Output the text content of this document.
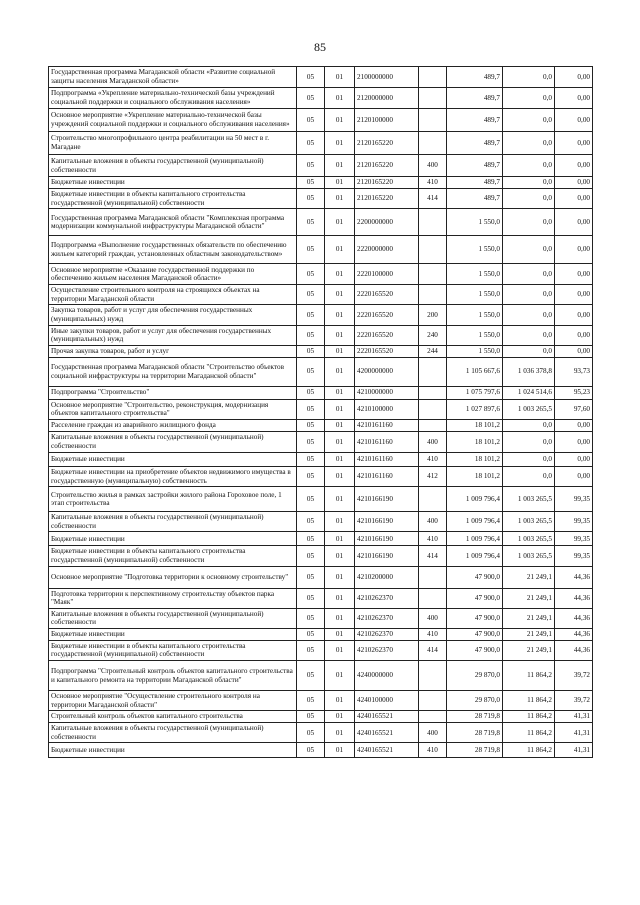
85
Государственная программа Магаданской области «Развитие социальной защиты населения Магаданской области»	05	01	2100000000		489,7	0,0	0,00
Подпрограмма «Укрепление материально-технической базы учреждений социальной поддержки и социального обслуживания населения»	05	01	2120000000		489,7	0,0	0,00
Основное мероприятие «Укрепление материально-технической базы учреждений социальной поддержки и социального обслуживания населения»	05	01	2120100000		489,7	0,0	0,00
Строительство многопрофильного центра реабилитации на 50 мест в г. Магадане	05	01	2120165220		489,7	0,0	0,00
Капитальные вложения в объекты государственной (муниципальной) собственности	05	01	2120165220	400	489,7	0,0	0,00
Бюджетные инвестиции	05	01	2120165220	410	489,7	0,0	0,00
Бюджетные инвестиции в объекты капитального строительства государственной (муниципальной) собственности	05	01	2120165220	414	489,7	0,0	0,00
Государственная программа Магаданской области "Комплексная программа модернизации коммунальной инфраструктуры Магаданской области"	05	01	2200000000		1 550,0	0,0	0,00
Подпрограмма «Выполнение государственных обязательств по обеспечению жильем категорий граждан, установленных областным законодательством»	05	01	2220000000		1 550,0	0,0	0,00
Основное мероприятие «Оказание государственной поддержки по обеспечению жильем населения Магаданской области»	05	01	2220100000		1 550,0	0,0	0,00
Осуществление строительного контроля на строящихся объектах на территории Магаданской области	05	01	2220165520		1 550,0	0,0	0,00
Закупка товаров, работ и услуг для обеспечения государственных (муниципальных) нужд	05	01	2220165520	200	1 550,0	0,0	0,00
Иные закупки товаров, работ и услуг для обеспечения государственных (муниципальных) нужд	05	01	2220165520	240	1 550,0	0,0	0,00
Прочая закупка товаров, работ и услуг	05	01	2220165520	244	1 550,0	0,0	0,00
Государственная программа Магаданской области "Строительство объектов социальной инфраструктуры на территории Магаданской области"	05	01	4200000000		1 105 667,6	1 036 378,8	93,73
Подпрограмма "Строительство"	05	01	4210000000		1 075 797,6	1 024 514,6	95,23
Основное мероприятие "Строительство, реконструкция, модернизация объектов капитального строительства"	05	01	4210100000		1 027 897,6	1 003 265,5	97,60
Расселение граждан из аварийного жилищного фонда	05	01	4210161160		18 101,2	0,0	0,00
Капитальные вложения в объекты государственной (муниципальной) собственности	05	01	4210161160	400	18 101,2	0,0	0,00
Бюджетные инвестиции	05	01	4210161160	410	18 101,2	0,0	0,00
Бюджетные инвестиции на приобретение объектов недвижимого имущества в государственную (муниципальную) собственность	05	01	4210161160	412	18 101,2	0,0	0,00
Строительство жилья в рамках застройки жилого района Гороховое поле, 1 этап строительства	05	01	4210166190		1 009 796,4	1 003 265,5	99,35
Капитальные вложения в объекты государственной (муниципальной) собственности	05	01	4210166190	400	1 009 796,4	1 003 265,5	99,35
Бюджетные инвестиции	05	01	4210166190	410	1 009 796,4	1 003 265,5	99,35
Бюджетные инвестиции в объекты капитального строительства государственной (муниципальной) собственности	05	01	4210166190	414	1 009 796,4	1 003 265,5	99,35
Основное мероприятие "Подготовка территории к основному строительству"	05	01	4210200000		47 900,0	21 249,1	44,36
Подготовка территории к перспективному строительству объектов парка "Маяк"	05	01	4210262370		47 900,0	21 249,1	44,36
Капитальные вложения в объекты государственной (муниципальной) собственности	05	01	4210262370	400	47 900,0	21 249,1	44,36
Бюджетные инвестиции	05	01	4210262370	410	47 900,0	21 249,1	44,36
Бюджетные инвестиции в объекты капитального строительства государственной (муниципальной) собственности	05	01	4210262370	414	47 900,0	21 249,1	44,36
Подпрограмма "Строительный контроль объектов капитального строительства и капитального ремонта на территории Магаданской области"	05	01	4240000000		29 870,0	11 864,2	39,72
Основное мероприятие "Осуществление строительного контроля на территории Магаданской области"	05	01	4240100000		29 870,0	11 864,2	39,72
Строительный контроль объектов капитального строительства	05	01	4240165521		28 719,8	11 864,2	41,31
Капитальные вложения в объекты государственной (муниципальной) собственности	05	01	4240165521	400	28 719,8	11 864,2	41,31
Бюджетные инвестиции	05	01	4240165521	410	28 719,8	11 864,2	41,31
